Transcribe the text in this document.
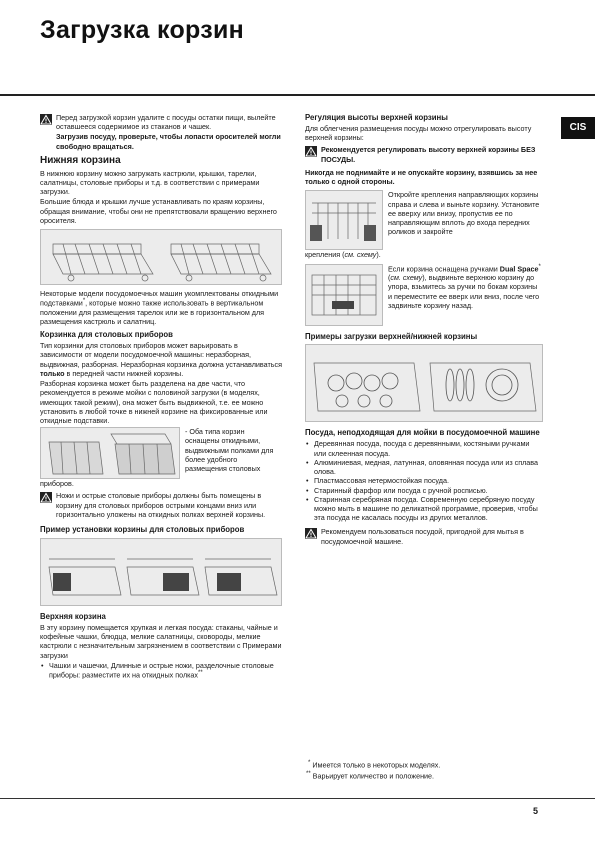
Загрузка корзин
CIS

Перед загрузкой корзин удалите с посуды остатки пищи, вылейте оставшееся содержимое из стаканов и чашек.

Загрузив посуду, проверьте, чтобы лопасти оросителей могли свободно вращаться.

Нижняя корзина

В нижнюю корзину можно загружать кастрюли, крышки, тарелки, салатницы, столовые приборы и т.д. в соответствии с примерами загрузки.

Большие блюда и крышки лучше устанавливать по краям корзины, обращая внимание, чтобы они не препятствовали вращению верхнего оросителя.

Некоторые модели посудомоечных машин укомплектованы откидными подставками*, которые можно также использовать в вертикальном положении для размещения тарелок или же в горизонтальном для размещения кастрюль и салатниц.

Корзинка для столовых приборов

Тип корзинки для столовых приборов может варьировать в зависимости от модели посудомоечной машины: неразборная, выдвижная, разборная. Неразборная корзинка должна устанавливаться только в передней части нижней корзины.

Разборная корзинка может быть разделена на две части, что рекомендуется в режиме мойки с половиной загрузки (в моделях, имеющих такой режим), она может быть выдвижной, т.е. ее можно установить в любой точке в нижней корзине на фиксированные или откидные подставки.

- Оба типа корзин оснащены откидными, выдвижными полками для более удобного размещения столовых

приборов.

Ножи и острые столовые приборы должны быть помещены в корзину для столовых приборов острыми концами вниз или горизонтально уложены на откидных полках верхней корзины.

Пример установки корзины для столовых приборов
Верхняя корзина

В эту корзину помещается хрупкая и легкая посуда: стаканы, чайные и кофейные чашки, блюдца, мелкие салатницы, сковороды, мелкие кастрюли с незначительным загрязнением в соответствии с Примерами загрузки

• Чашки и чашечки, Длинные и острые ножи, разделочные столовые приборы: разместите их на откидных полках**
Регуляция высоты верхней корзины

Для облегчения размещения посуды можно отрегулировать высоту верхней корзины:

Рекомендуется регулировать высоту верхней корзины БЕЗ ПОСУДЫ.

Никогда не поднимайте и не опускайте корзину, взявшись за нее только с одной стороны.

Откройте крепления направляющих корзины справа и слева и выньте корзину. Установите ее вверху или внизу, пропустив ее по направляющим вплоть до входа передних роликов и закройте

крепления (см. схему).

Если корзина оснащена ручками Dual Space* (см. схему), выдвиньте верхнюю корзину до упора, взьмитесь за ручки по бокам корзины и переместите ее вверх или вниз, после чего задвиньте корзину назад.

Примеры загрузки верхней/нижней корзины
Посуда, неподходящая для мойки в посудомоечной машине
• Деревянная посуда, посуда с деревянными, костяными ручками или склеенная посуда.
• Алюминиевая, медная, латунная, оловянная посуда или из сплава олова.
• Пластмассовая нетермостойкая посуда.
• Старинный фарфор или посуда с ручной росписью.
• Старинная серебряная посуда. Современную серебряную посуду можно мыть в машине по деликатной программе, проверив, чтобы эта посуда не касалась посуды из других металлов.

Рекомендуем пользоваться посудой, пригодной для мытья в посудомоечной машине.

* Имеется только в некоторых моделях.
** Варьирует количество и положение.
5
